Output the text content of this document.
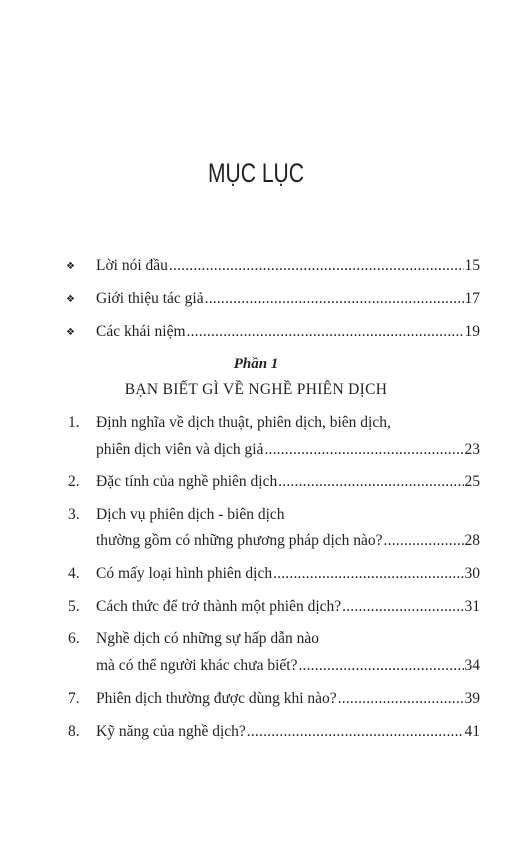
MỤC LỤC
❖ Lời nói đầu .....	15
❖ Giới thiệu tác giả .....	17
❖ Các khái niệm .....	19
Phần 1
BẠN BIẾT GÌ VỀ NGHỀ PHIÊN DỊCH
1. Định nghĩa về dịch thuật, phiên dịch, biên dịch,
phiên dịch viên và dịch giả .....	23
2. Đặc tính của nghề phiên dịch .....	25
3. Dịch vụ phiên dịch - biên dịch
thường gồm có những phương pháp dịch nào? .....	28
4. Có mấy loại hình phiên dịch .....	30
5. Cách thức để trở thành một phiên dịch? .....	31
6. Nghề dịch có những sự hấp dẫn nào
mà có thể người khác chưa biết? .....	34
7. Phiên dịch thường được dùng khi nào? .....	39
8. Kỹ năng của nghề dịch? .....	41
